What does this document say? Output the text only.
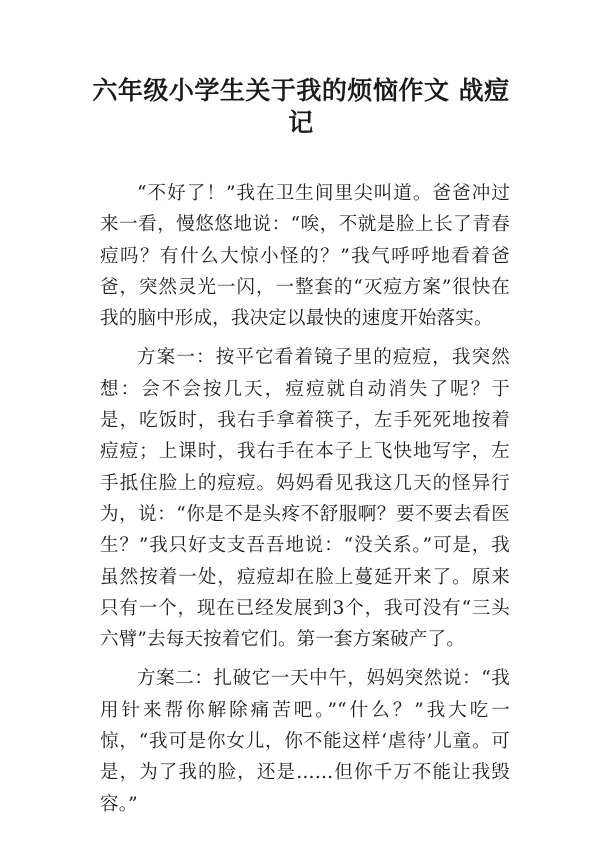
六年级小学生关于我的烦恼作文 战痘记

“不好了！”我在卫生间里尖叫道。爸爸冲过来一看，慢悠悠地说：“唉，不就是脸上长了青春痘吗？有什么大惊小怪的？”我气呼呼地看着爸爸，突然灵光一闪，一整套的“灭痘方案”很快在我的脑中形成，我决定以最快的速度开始落实。

方案一：按平它看着镜子里的痘痘，我突然想：会不会按几天，痘痘就自动消失了呢？于是，吃饭时，我右手拿着筷子，左手死死地按着痘痘；上课时，我右手在本子上飞快地写字，左手抵住脸上的痘痘。妈妈看见我这几天的怪异行为，说：“你是不是头疼不舒服啊？要不要去看医生？”我只好支支吾吾地说：“没关系。”可是，我虽然按着一处，痘痘却在脸上蔓延开来了。原来只有一个，现在已经发展到3个，我可没有“三头六臂”去每天按着它们。第一套方案破产了。

方案二：扎破它一天中午，妈妈突然说：“我用针来帮你解除痛苦吧。”“什么？”我大吃一惊，“我可是你女儿，你不能这样‘虐待’儿童。可是，为了我的脸，还是……但你千万不能让我毁容。”
